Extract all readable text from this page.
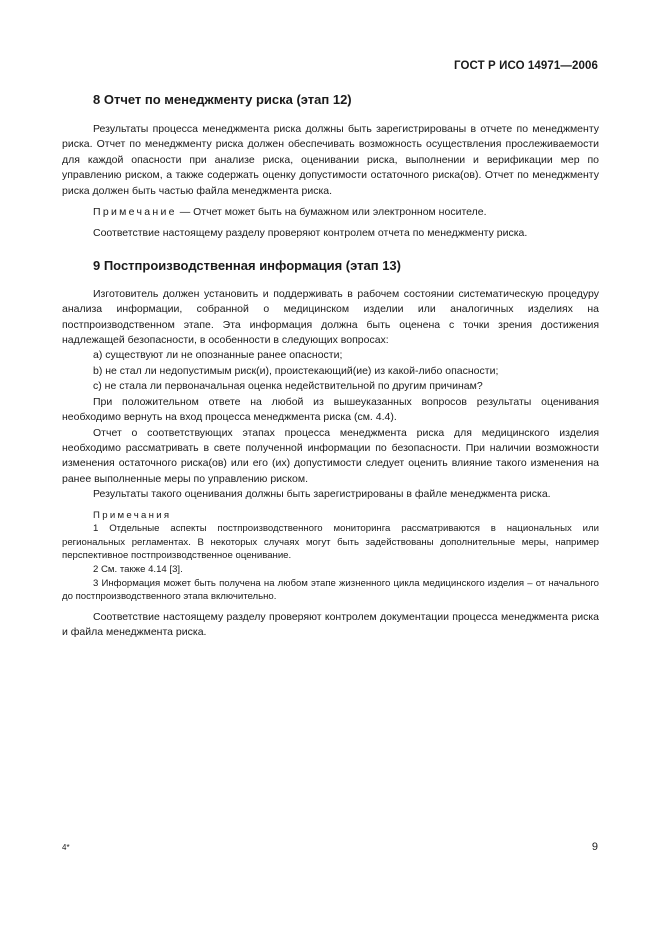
ГОСТ Р ИСО 14971—2006
8 Отчет по менеджменту риска (этап 12)

Результаты процесса менеджмента риска должны быть зарегистрированы в отчете по менеджменту риска. Отчет по менеджменту риска должен обеспечивать возможность осуществления прослеживаемости для каждой опасности при анализе риска, оценивании риска, выполнении и верификации мер по управлению риском, а также содержать оценку допустимости остаточного риска(ов). Отчет по менеджменту риска должен быть частью файла менеджмента риска.

Примечание — Отчет может быть на бумажном или электронном носителе.

Соответствие настоящему разделу проверяют контролем отчета по менеджменту риска.

9 Постпроизводственная информация (этап 13)

Изготовитель должен установить и поддерживать в рабочем состоянии систематическую процедуру анализа информации, собранной о медицинском изделии или аналогичных изделиях на постпроизводственном этапе. Эта информация должна быть оценена с точки зрения достижения надлежащей безопасности, в особенности в следующих вопросах:

a) существуют ли не опознанные ранее опасности;

b) не стал ли недопустимым риск(и), проистекающий(ие) из какой-либо опасности;

c) не стала ли первоначальная оценка недействительной по другим причинам?

При положительном ответе на любой из вышеуказанных вопросов результаты оценивания необходимо вернуть на вход процесса менеджмента риска (см. 4.4).

Отчет о соответствующих этапах процесса менеджмента риска для медицинского изделия необходимо рассматривать в свете полученной информации по безопасности. При наличии возможности изменения остаточного риска(ов) или его (их) допустимости следует оценить влияние такого изменения на ранее выполненные меры по управлению риском.

Результаты такого оценивания должны быть зарегистрированы в файле менеджмента риска.

Примечания

1 Отдельные аспекты постпроизводственного мониторинга рассматриваются в национальных или региональных регламентах. В некоторых случаях могут быть задействованы дополнительные меры, например перспективное постпроизводственное оценивание.

2 См. также 4.14 [3].

3 Информация может быть получена на любом этапе жизненного цикла медицинского изделия – от начального до постпроизводственного этапа включительно.

Соответствие настоящему разделу проверяют контролем документации процесса менеджмента риска и файла менеджмента риска.

4*	9
